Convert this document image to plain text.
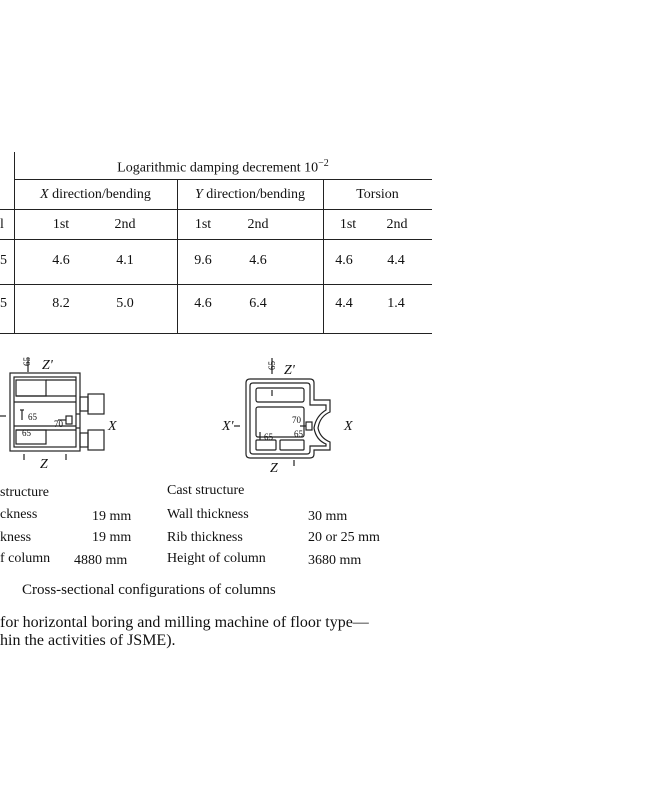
Logarithmic damping decrement $10^{-2}$
X direction/bending	Y direction/bending	Torsion
l	1st	2nd	1st	2nd	1st	2nd
5	4.6	4.1	9.6	4.6	4.6	4.4
5	8.2	5.0	4.6	6.4	4.4	1.4
Z'
Z
X
65
65
65
70
Z'
Z
X'	X
65
65 65
70
structure
ckness	19 mm
kness	19 mm
f column 4880 mm
Cast structure
Wall thickness	30 mm
Rib thickness	20 or 25 mm
Height of column	3680 mm
Cross-sectional configurations of columns
for horizontal boring and milling machine of floor type—
hin the activities of JSME).
